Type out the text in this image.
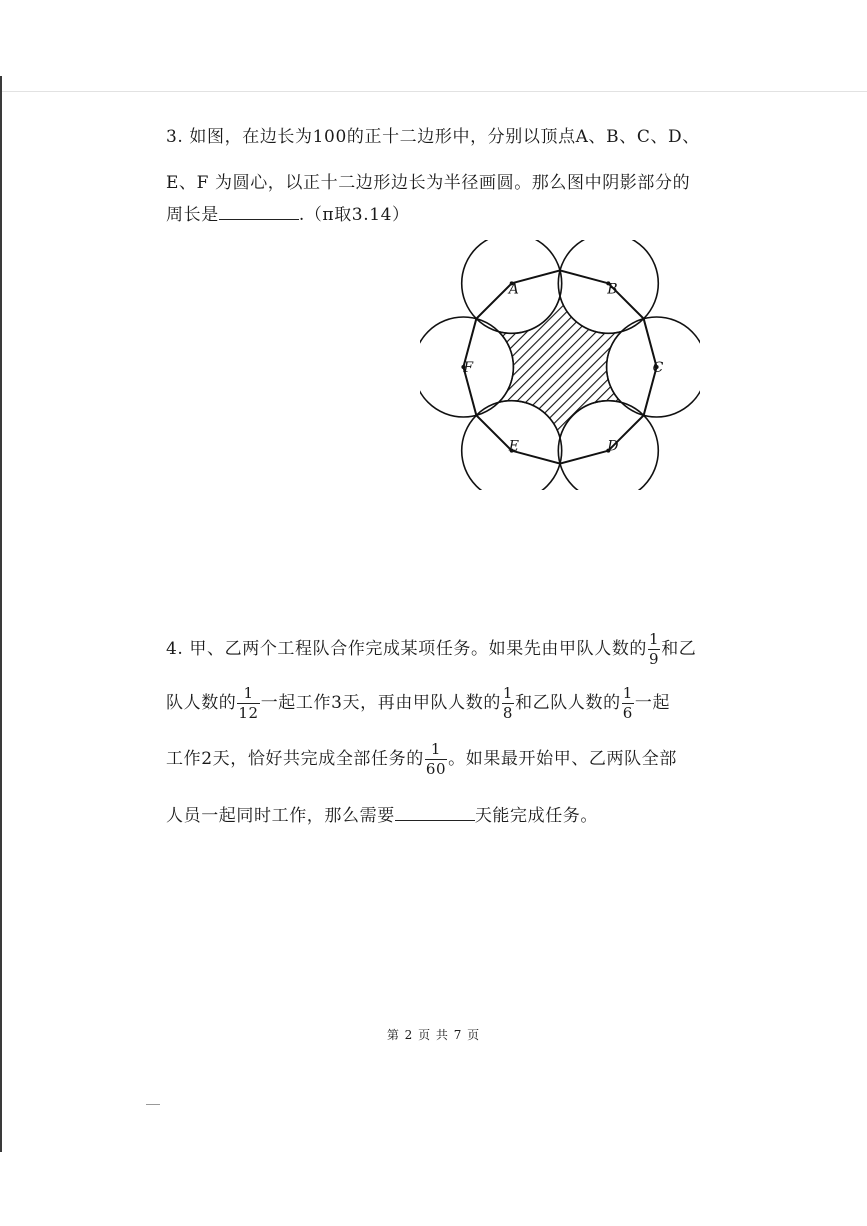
3. 如图，在边长为100的正十二边形中，分别以顶点A、B、C、D、
E、F 为圆心，以正十二边形边长为半径画圆。那么图中阴影部分的
周长是	.（π取3.14）
A	B
C
D
E
F
4. 甲、乙两个工程队合作完成某项任务。如果先由甲队人数的 $\frac{1}{9}$ 和乙
队人数的 $\frac{1}{12}$ 一起工作3天，再由甲队人数的 $\frac{1}{8}$ 和乙队人数的 $\frac{1}{6}$ 一起
工作2天，恰好共完成全部任务的 $\frac{1}{60}$ 。如果最开始甲、乙两队全部
人员一起同时工作，那么需要	天能完成任务。
第 2 页 共 7 页
